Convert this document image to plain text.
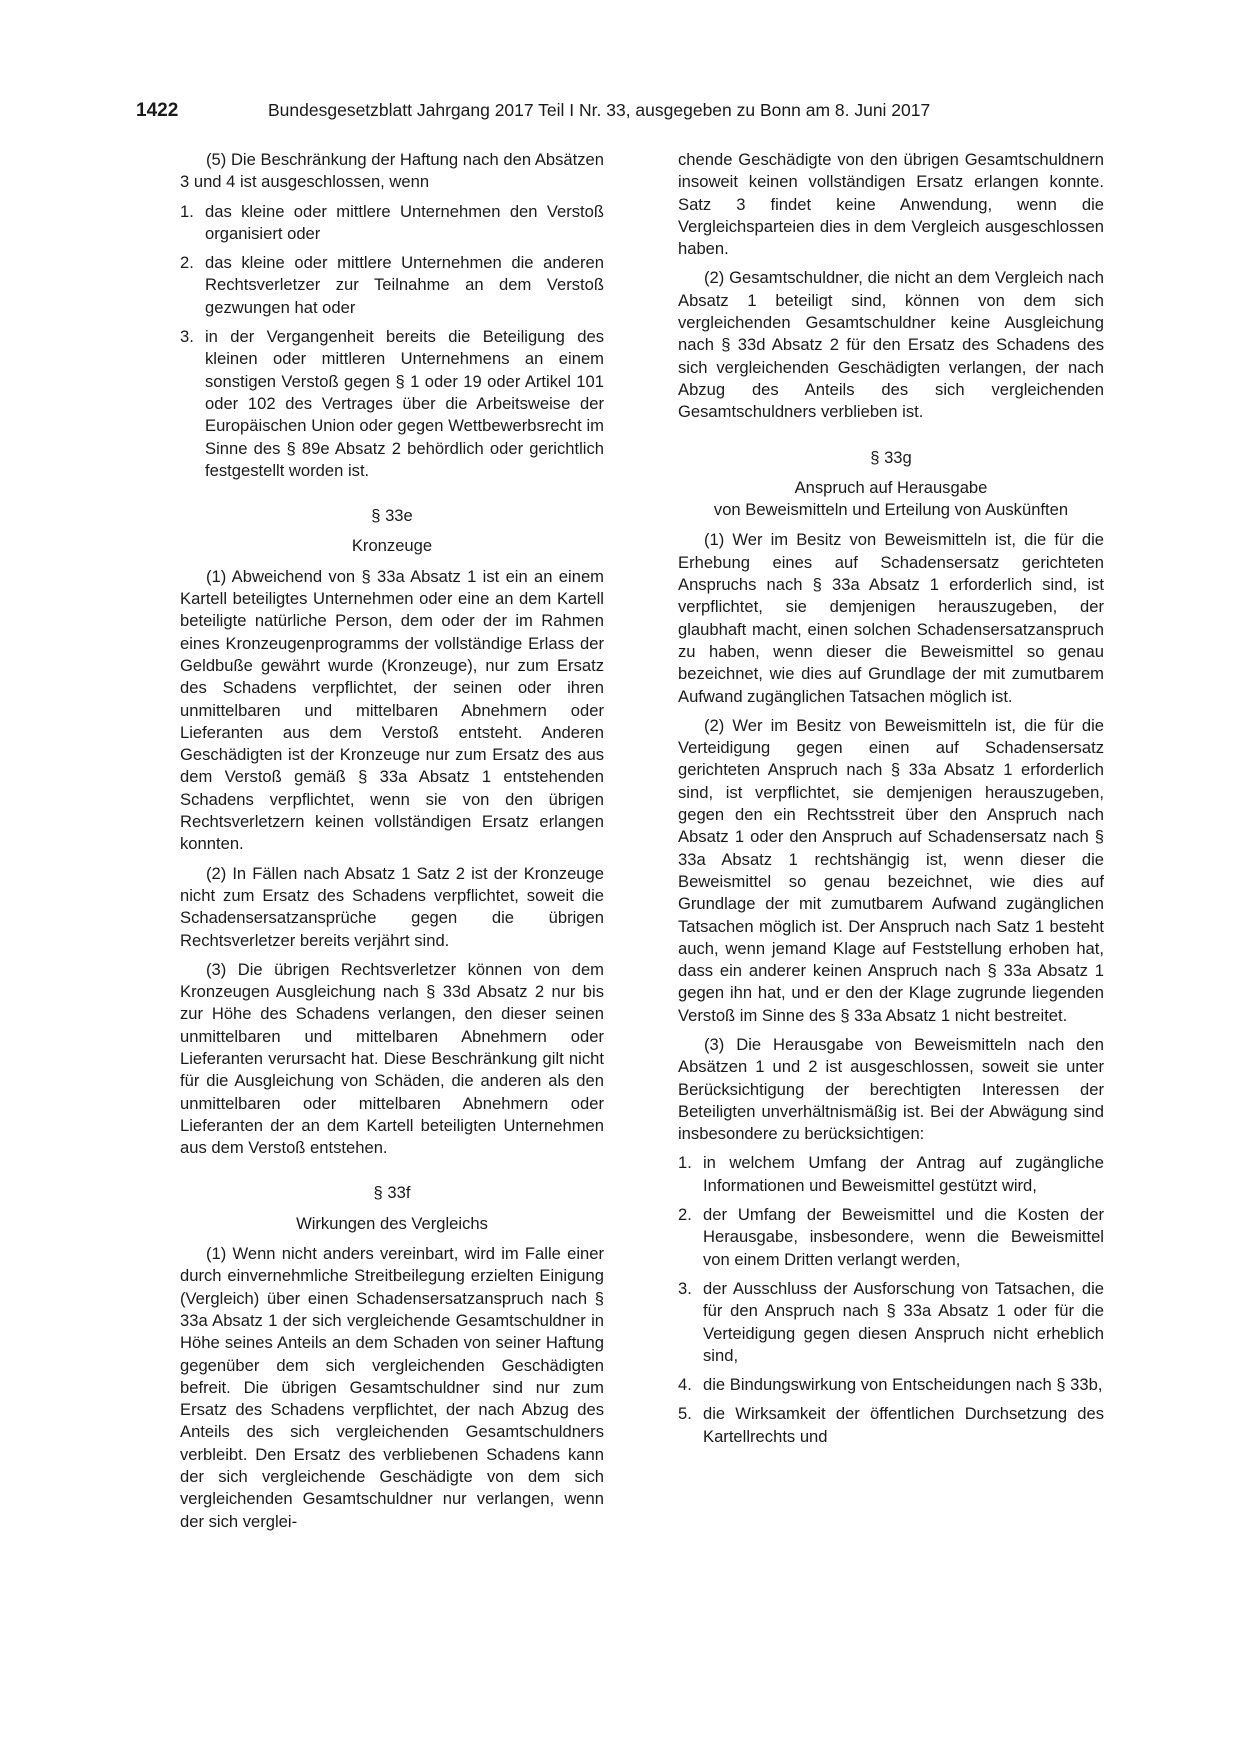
1422	Bundesgesetzblatt Jahrgang 2017 Teil I Nr. 33, ausgegeben zu Bonn am 8. Juni 2017

(5) Die Beschränkung der Haftung nach den Absätzen 3 und 4 ist ausgeschlossen, wenn

1. das kleine oder mittlere Unternehmen den Verstoß organisiert oder
2. das kleine oder mittlere Unternehmen die anderen Rechtsverletzer zur Teilnahme an dem Verstoß gezwungen hat oder
3. in der Vergangenheit bereits die Beteiligung des kleinen oder mittleren Unternehmens an einem sonstigen Verstoß gegen § 1 oder 19 oder Artikel 101 oder 102 des Vertrages über die Arbeitsweise der Europäischen Union oder gegen Wettbewerbsrecht im Sinne des § 89e Absatz 2 behördlich oder gerichtlich festgestellt worden ist.
§ 33e
Kronzeuge

(1) Abweichend von § 33a Absatz 1 ist ein an einem Kartell beteiligtes Unternehmen oder eine an dem Kartell beteiligte natürliche Person, dem oder der im Rahmen eines Kronzeugenprogramms der vollständige Erlass der Geldbuße gewährt wurde (Kronzeuge), nur zum Ersatz des Schadens verpflichtet, der seinen oder ihren unmittelbaren und mittelbaren Abnehmern oder Lieferanten aus dem Verstoß entsteht. Anderen Geschädigten ist der Kronzeuge nur zum Ersatz des aus dem Verstoß gemäß § 33a Absatz 1 entstehenden Schadens verpflichtet, wenn sie von den übrigen Rechtsverletzern keinen vollständigen Ersatz erlangen konnten.

(2) In Fällen nach Absatz 1 Satz 2 ist der Kronzeuge nicht zum Ersatz des Schadens verpflichtet, soweit die Schadensersatzansprüche gegen die übrigen Rechtsverletzer bereits verjährt sind.

(3) Die übrigen Rechtsverletzer können von dem Kronzeugen Ausgleichung nach § 33d Absatz 2 nur bis zur Höhe des Schadens verlangen, den dieser seinen unmittelbaren und mittelbaren Abnehmern oder Lieferanten verursacht hat. Diese Beschränkung gilt nicht für die Ausgleichung von Schäden, die anderen als den unmittelbaren oder mittelbaren Abnehmern oder Lieferanten der an dem Kartell beteiligten Unternehmen aus dem Verstoß entstehen.

§ 33f
Wirkungen des Vergleichs

(1) Wenn nicht anders vereinbart, wird im Falle einer durch einvernehmliche Streitbeilegung erzielten Einigung (Vergleich) über einen Schadensersatzanspruch nach § 33a Absatz 1 der sich vergleichende Gesamtschuldner in Höhe seines Anteils an dem Schaden von seiner Haftung gegenüber dem sich vergleichenden Geschädigten befreit. Die übrigen Gesamtschuldner sind nur zum Ersatz des Schadens verpflichtet, der nach Abzug des Anteils des sich vergleichenden Gesamtschuldners verbleibt. Den Ersatz des verbliebenen Schadens kann der sich vergleichende Geschädigte von dem sich vergleichenden Gesamtschuldner nur verlangen, wenn der sich verglei-

chende Geschädigte von den übrigen Gesamtschuldnern insoweit keinen vollständigen Ersatz erlangen konnte. Satz 3 findet keine Anwendung, wenn die Vergleichsparteien dies in dem Vergleich ausgeschlossen haben.

(2) Gesamtschuldner, die nicht an dem Vergleich nach Absatz 1 beteiligt sind, können von dem sich vergleichenden Gesamtschuldner keine Ausgleichung nach § 33d Absatz 2 für den Ersatz des Schadens des sich vergleichenden Geschädigten verlangen, der nach Abzug des Anteils des sich vergleichenden Gesamtschuldners verblieben ist.

§ 33g
Anspruch auf Herausgabe
von Beweismitteln und Erteilung von Auskünften

(1) Wer im Besitz von Beweismitteln ist, die für die Erhebung eines auf Schadensersatz gerichteten Anspruchs nach § 33a Absatz 1 erforderlich sind, ist verpflichtet, sie demjenigen herauszugeben, der glaubhaft macht, einen solchen Schadensersatzanspruch zu haben, wenn dieser die Beweismittel so genau bezeichnet, wie dies auf Grundlage der mit zumutbarem Aufwand zugänglichen Tatsachen möglich ist.

(2) Wer im Besitz von Beweismitteln ist, die für die Verteidigung gegen einen auf Schadensersatz gerichteten Anspruch nach § 33a Absatz 1 erforderlich sind, ist verpflichtet, sie demjenigen herauszugeben, gegen den ein Rechtsstreit über den Anspruch nach Absatz 1 oder den Anspruch auf Schadensersatz nach § 33a Absatz 1 rechtshängig ist, wenn dieser die Beweismittel so genau bezeichnet, wie dies auf Grundlage der mit zumutbarem Aufwand zugänglichen Tatsachen möglich ist. Der Anspruch nach Satz 1 besteht auch, wenn jemand Klage auf Feststellung erhoben hat, dass ein anderer keinen Anspruch nach § 33a Absatz 1 gegen ihn hat, und er den der Klage zugrunde liegenden Verstoß im Sinne des § 33a Absatz 1 nicht bestreitet.

(3) Die Herausgabe von Beweismitteln nach den Absätzen 1 und 2 ist ausgeschlossen, soweit sie unter Berücksichtigung der berechtigten Interessen der Beteiligten unverhältnismäßig ist. Bei der Abwägung sind insbesondere zu berücksichtigen:

1. in welchem Umfang der Antrag auf zugängliche Informationen und Beweismittel gestützt wird,
2. der Umfang der Beweismittel und die Kosten der Herausgabe, insbesondere, wenn die Beweismittel von einem Dritten verlangt werden,
3. der Ausschluss der Ausforschung von Tatsachen, die für den Anspruch nach § 33a Absatz 1 oder für die Verteidigung gegen diesen Anspruch nicht erheblich sind,
4. die Bindungswirkung von Entscheidungen nach § 33b,
5. die Wirksamkeit der öffentlichen Durchsetzung des Kartellrechts und
